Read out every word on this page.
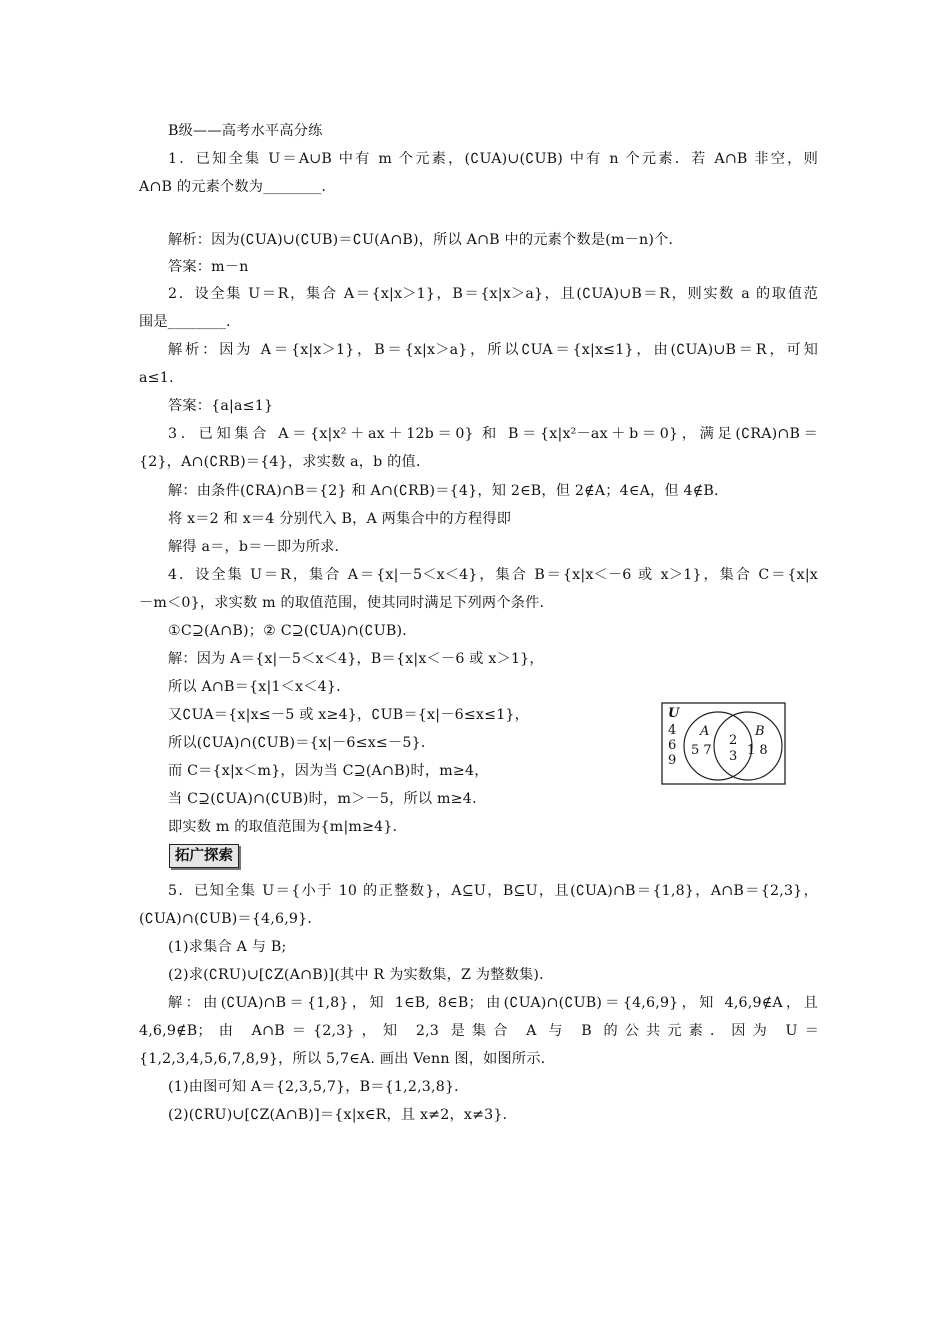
B级——高考水平高分练
1．已知全集 U＝A∪B 中有 m 个元素，(∁UA)∪(∁UB) 中有 n 个元素．若 A∩B 非空，则
A∩B 的元素个数为________．
解析：因为(∁UA)∪(∁UB)＝∁U(A∩B)，所以 A∩B 中的元素个数是(m－n)个．
答案：m－n
2．设全集 U＝R，集合 A＝{x|x＞1}，B＝{x|x＞a}，且(∁UA)∪B＝R，则实数 a 的取值范
围是________．
解析：因为 A＝{x|x＞1}，B＝{x|x＞a}，所以∁UA＝{x|x≤1}，由(∁UA)∪B＝R，可知
a≤1.
答案：{a|a≤1}
3．已知集合 A＝{x|x²＋ax＋12b＝0} 和 B＝{x|x²－ax＋b＝0}，满足(∁RA)∩B＝
{2}，A∩(∁RB)＝{4}，求实数 a，b 的值．
解：由条件(∁RA)∩B＝{2} 和 A∩(∁RB)＝{4}，知 2∈B，但 2∉A；4∈A，但 4∉B.
将 x＝2 和 x＝4 分别代入 B，A 两集合中的方程得即
解得 a＝，b＝－即为所求．
4．设全集 U＝R，集合 A＝{x|－5＜x＜4}，集合 B＝{x|x＜－6 或 x＞1}，集合 C＝{x|x
－m＜0}，求实数 m 的取值范围，使其同时满足下列两个条件．
①C⊇(A∩B)；② C⊇(∁UA)∩(∁UB)．
解：因为 A＝{x|－5＜x＜4}，B＝{x|x＜－6 或 x＞1}，
所以 A∩B＝{x|1＜x＜4}．
又∁UA＝{x|x≤－5 或 x≥4}，∁UB＝{x|－6≤x≤1}，
所以(∁UA)∩(∁UB)＝{x|－6≤x≤－5}．
而 C＝{x|x＜m}，因为当 C⊇(A∩B)时，m≥4，
当 C⊇(∁UA)∩(∁UB)时，m＞－5，所以 m≥4.
即实数 m 的取值范围为{m|m≥4}．
拓广探索
5．已知全集 U＝{小于 10 的正整数}，A⊆U，B⊆U，且(∁UA)∩B＝{1,8}，A∩B＝{2,3}，
(∁UA)∩(∁UB)＝{4,6,9}．
(1)求集合 A 与 B;
(2)求(∁RU)∪[∁Z(A∩B)](其中 R 为实数集，Z 为整数集)．
解：由(∁UA)∩B＝{1,8}，知 1∈B, 8∈B；由(∁UA)∩(∁UB)＝{4,6,9}，知 4,6,9∉A，且
4,6,9∉B；由 A∩B＝{2,3}，知 2,3 是集合 A 与 B 的公共元素．因为 U＝
{1,2,3,4,5,6,7,8,9}，所以 5,7∈A. 画出 Venn 图，如图所示．
(1)由图可知 A＝{2,3,5,7}，B＝{1,2,3,8}．
(2)(∁RU)∪[∁Z(A∩B)]＝{x|x∈R，且 x≠2，x≠3}．
U
4
6
9
A
5 7
2
3
B
1 8
